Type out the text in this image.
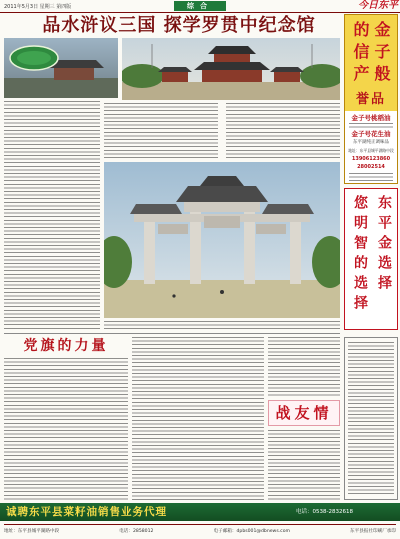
2011年5月3日 星期三 第四版	综合	今日东平
品水浒议三国 探学罗贯中纪念馆
党旗的力量
战友情
金子般的信产
誉品
金子号桃稻油
金子号花生油
东平湖纯正调味品
地址：东平县城平湖路中段
13906123860
28002514
东平金选择
您明智的选择
诚聘东平县菜籽油销售业务代理	电话：0538-2832618
地址：东平县城平湖路中段	电话：2858012	电子邮箱：dpbs001@dbnews.com	东平县报社印刷厂承印
